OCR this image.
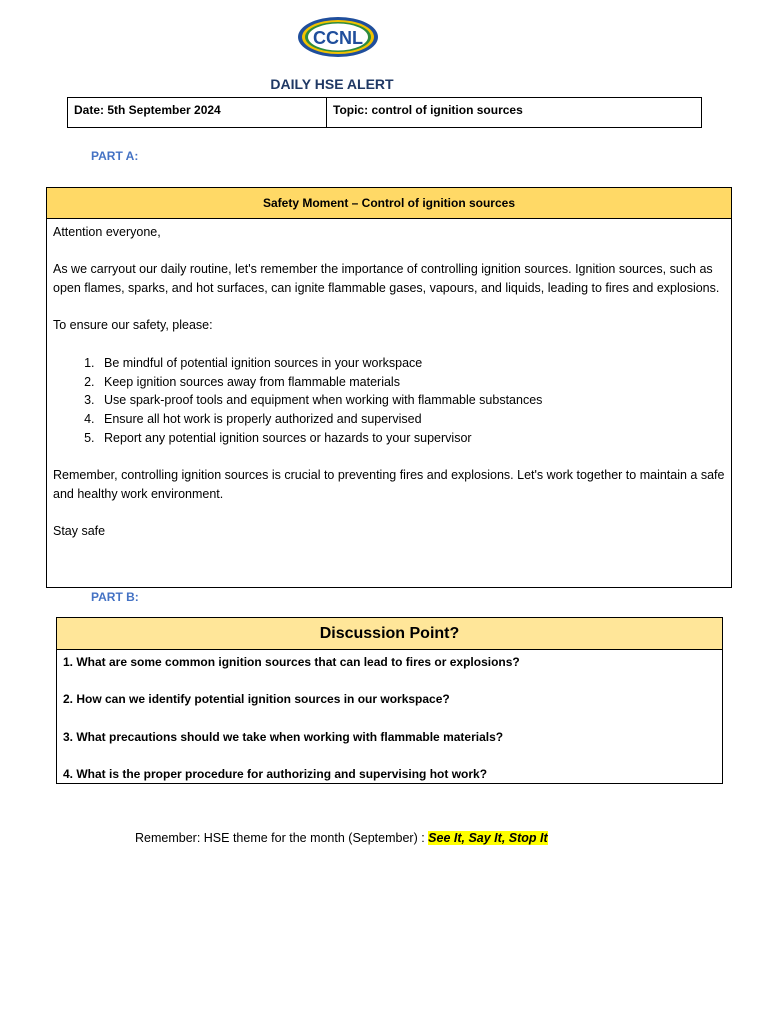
CCNL
DAILY HSE ALERT
Date: 5th September 2024	Topic: control of ignition sources
PART A:
Safety Moment – Control of ignition sources

Attention everyone,

As we carryout our daily routine, let's remember the importance of controlling ignition sources. Ignition sources, such as open flames, sparks, and hot surfaces, can ignite flammable gases, vapours, and liquids, leading to fires and explosions.

To ensure our safety, please:

1. Be mindful of potential ignition sources in your workspace
2. Keep ignition sources away from flammable materials
3. Use spark-proof tools and equipment when working with flammable substances
4. Ensure all hot work is properly authorized and supervised
5. Report any potential ignition sources or hazards to your supervisor

Remember, controlling ignition sources is crucial to preventing fires and explosions. Let's work together to maintain a safe and healthy work environment.

Stay safe

PART B:
Discussion Point?

1. What are some common ignition sources that can lead to fires or explosions?

2. How can we identify potential ignition sources in our workspace?

3. What precautions should we take when working with flammable materials?

4. What is the proper procedure for authorizing and supervising hot work?

Remember: HSE theme for the month (September) : See It, Say It, Stop It
